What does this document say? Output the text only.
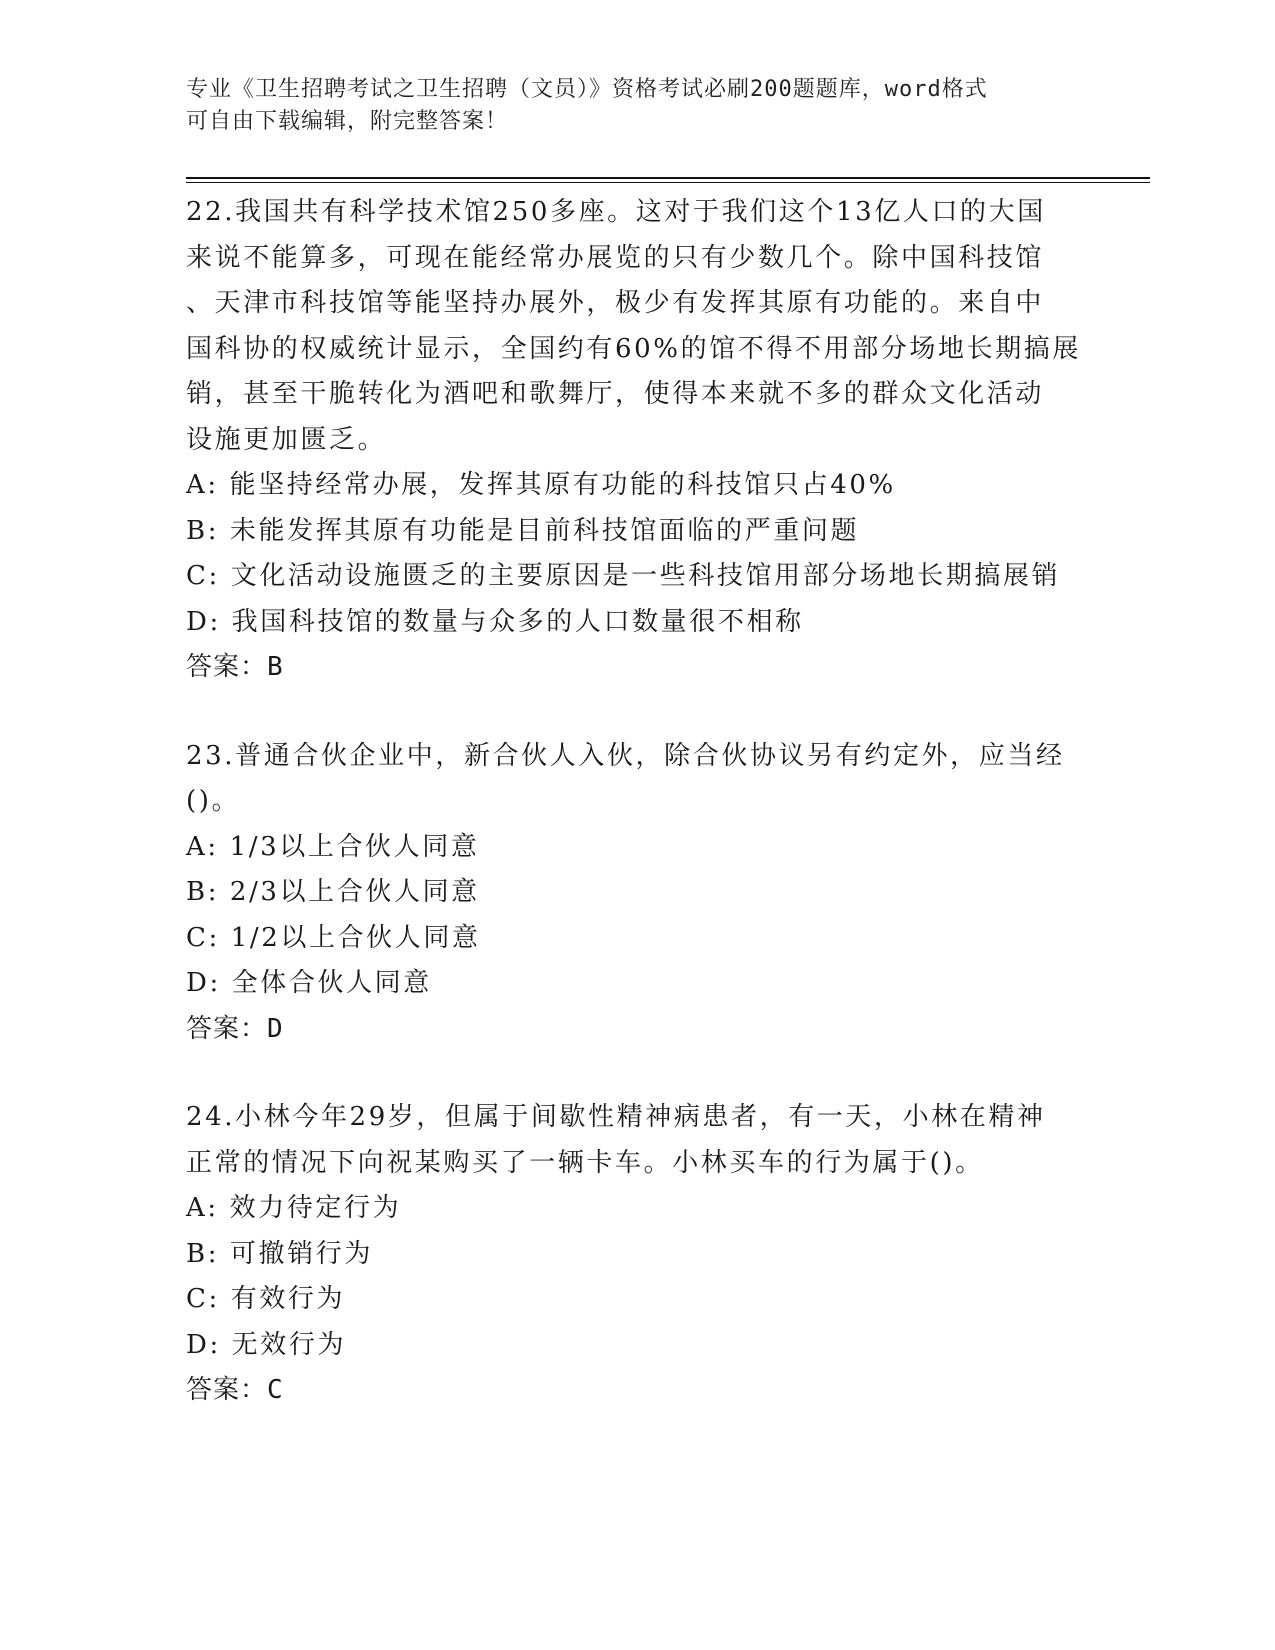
专业《卫生招聘考试之卫生招聘（文员）》资格考试必刷200题题库，word格式
可自由下载编辑，附完整答案！

22.我国共有科学技术馆250多座。这对于我们这个13亿人口的大国

来说不能算多，可现在能经常办展览的只有少数几个。除中国科技馆

、天津市科技馆等能坚持办展外，极少有发挥其原有功能的。来自中

国科协的权威统计显示，全国约有60%的馆不得不用部分场地长期搞展

销，甚至干脆转化为酒吧和歌舞厅，使得本来就不多的群众文化活动

设施更加匮乏。

A: 能坚持经常办展，发挥其原有功能的科技馆只占40%

B: 未能发挥其原有功能是目前科技馆面临的严重问题

C: 文化活动设施匮乏的主要原因是一些科技馆用部分场地长期搞展销

D: 我国科技馆的数量与众多的人口数量很不相称

答案：B

23.普通合伙企业中，新合伙人入伙，除合伙协议另有约定外，应当经

()。

A: 1/3以上合伙人同意

B: 2/3以上合伙人同意

C: 1/2以上合伙人同意

D: 全体合伙人同意

答案：D

24.小林今年29岁，但属于间歇性精神病患者，有一天，小林在精神

正常的情况下向祝某购买了一辆卡车。小林买车的行为属于()。

A: 效力待定行为

B: 可撤销行为

C: 有效行为

D: 无效行为

答案：C
